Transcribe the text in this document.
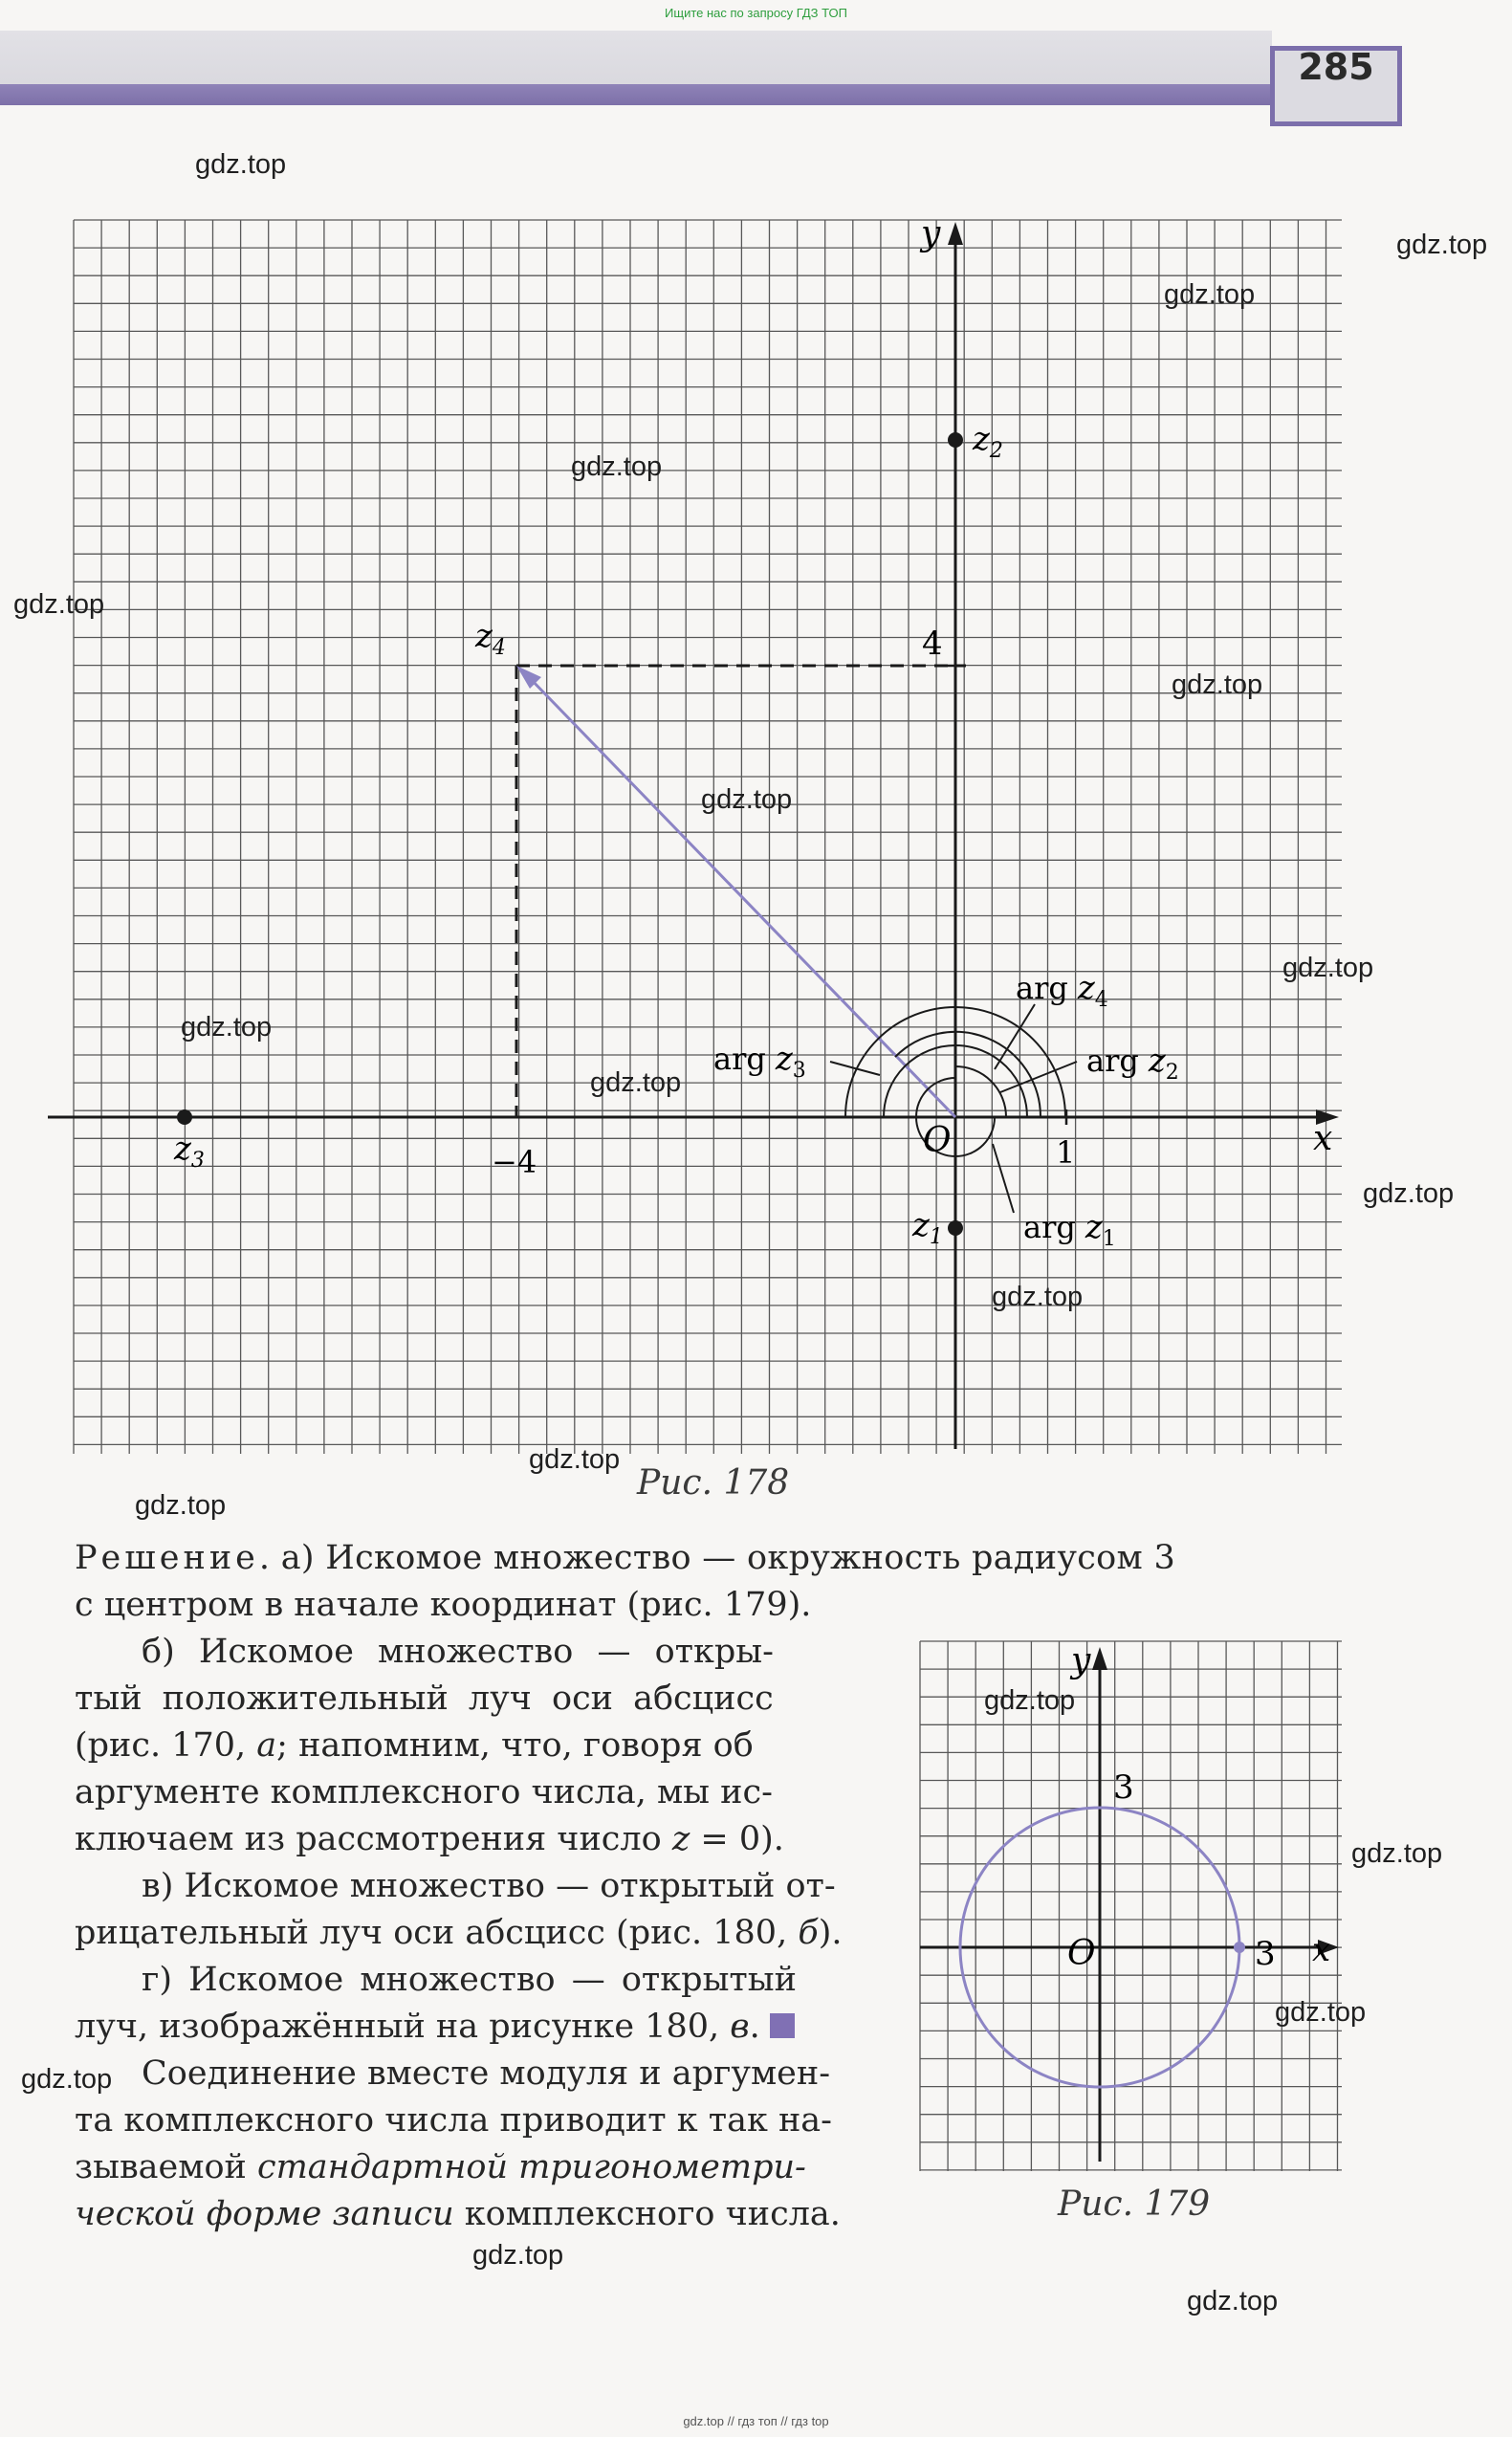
Ищите нас по запросу ГДЗ ТОП
285
y
x
O	1
4
−4
$z_2$
$z_4$
$z_3$
$z_1$
arg $z_4$
arg $z_3$	arg $z_2$
arg $z_1$
Рис. 178
y
x
O	3
3
Рис. 179
Решение. а) Искомое множество — окружность радиусом 3
с центром в начале координат (рис. 179).
б) Искомое множество — откры-
тый положительный луч оси абсцисс
(рис. 170, а; напомним, что, говоря об
аргументе комплексного числа, мы ис-
ключаем из рассмотрения число z = 0).
в) Искомое множество — открытый от-
рицательный луч оси абсцисс (рис. 180, б).
г) Искомое множество — открытый
луч, изображённый на рисунке 180, в.
Соединение вместе модуля и аргумен-
та комплексного числа приводит к так на-
зываемой стандартной тригонометри-
ческой форме записи комплексного числа.
gdz.top
gdz.top
gdz.top
gdz.top
gdz.top
gdz.top
gdz.top
gdz.top
gdz.top
gdz.top
gdz.top
gdz.top
gdz.top
gdz.top
gdz.top
gdz.top
gdz.top
gdz.top
gdz.top
gdz.top
gdz.top // гдз топ // гдз top
